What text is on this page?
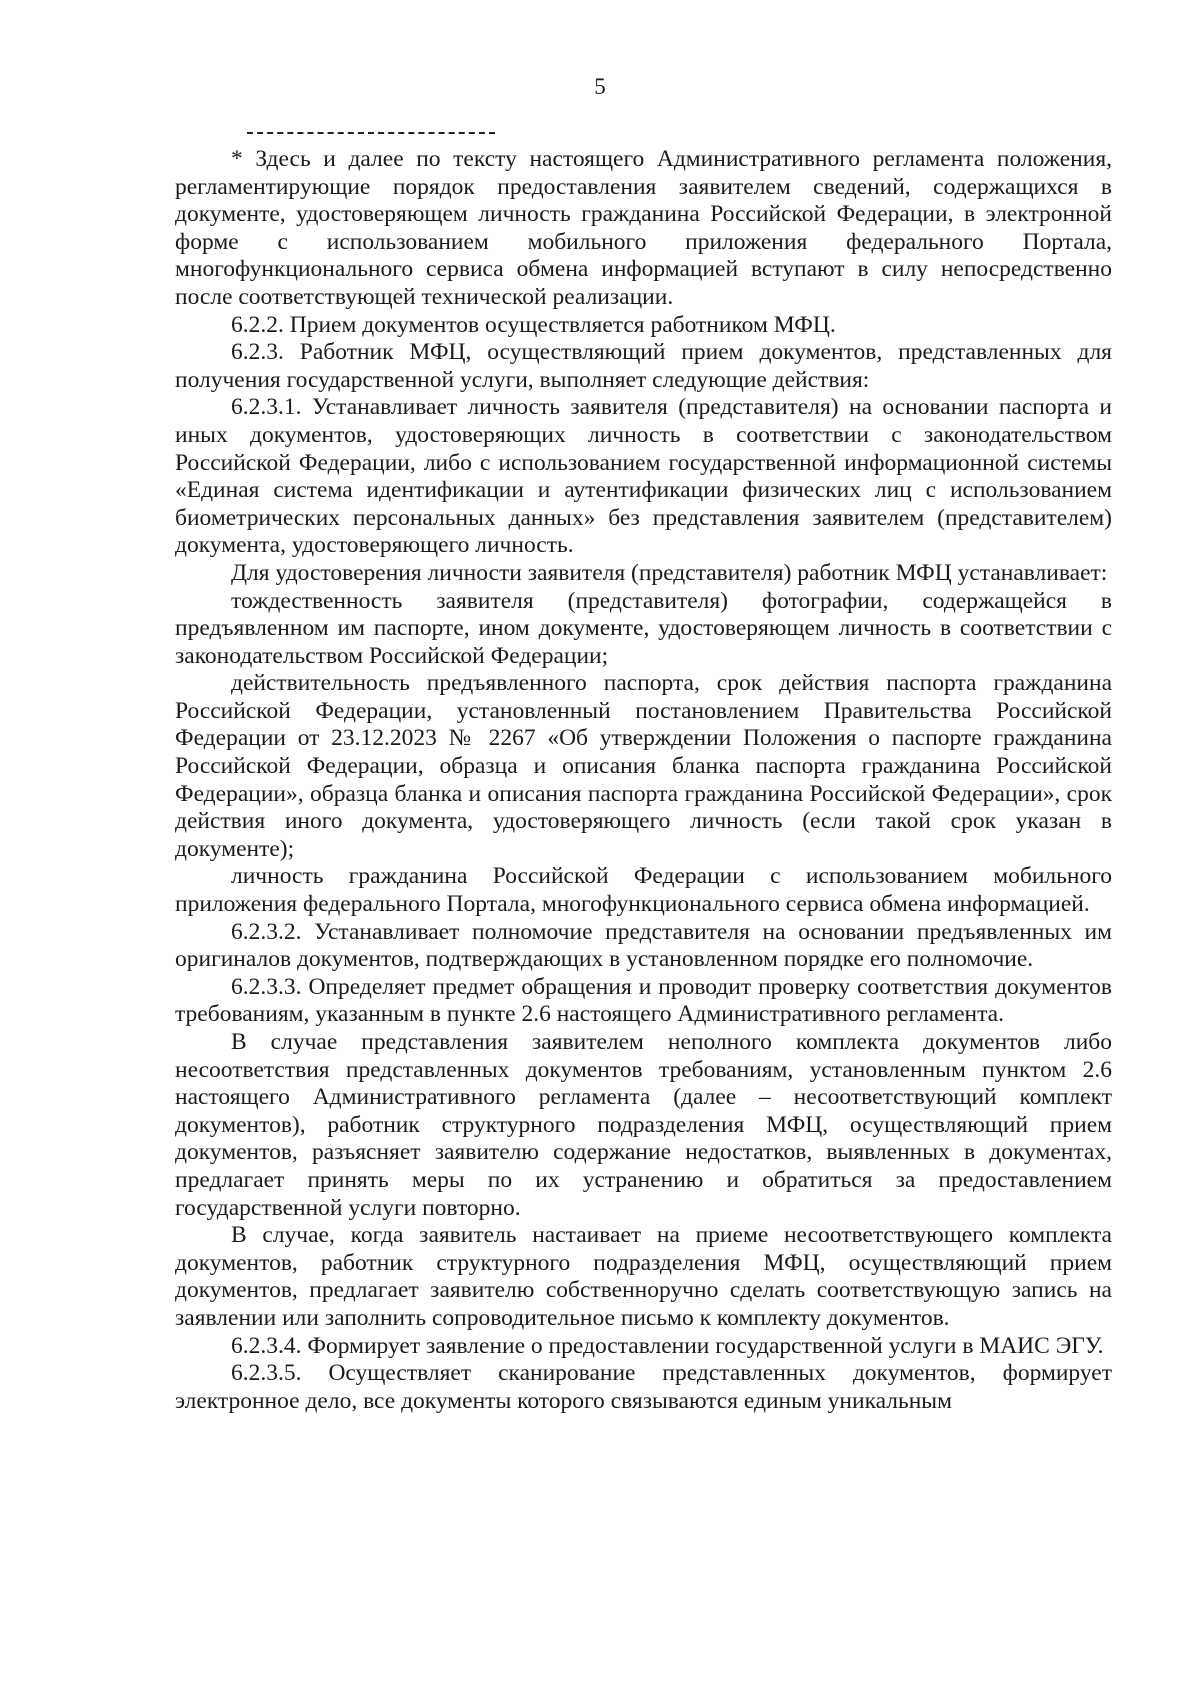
5

* Здесь и далее по тексту настоящего Административного регламента положения, регламентирующие порядок предоставления заявителем сведений, содержащихся в документе, удостоверяющем личность гражданина Российской Федерации, в электронной форме с использованием мобильного приложения федерального Портала, многофункционального сервиса обмена информацией вступают в силу непосредственно после соответствующей технической реализации.

6.2.2. Прием документов осуществляется работником МФЦ.

6.2.3. Работник МФЦ, осуществляющий прием документов, представленных для получения государственной услуги, выполняет следующие действия:

6.2.3.1. Устанавливает личность заявителя (представителя) на основании паспорта и иных документов, удостоверяющих личность в соответствии с законодательством Российской Федерации, либо с использованием государственной информационной системы «Единая система идентификации и аутентификации физических лиц с использованием биометрических персональных данных» без представления заявителем (представителем) документа, удостоверяющего личность.

Для удостоверения личности заявителя (представителя) работник МФЦ устанавливает:

тождественность заявителя (представителя) фотографии, содержащейся в предъявленном им паспорте, ином документе, удостоверяющем личность в соответствии с законодательством Российской Федерации;

действительность предъявленного паспорта, срок действия паспорта гражданина Российской Федерации, установленный постановлением Правительства Российской Федерации от 23.12.2023 № 2267 «Об утверждении Положения о паспорте гражданина Российской Федерации, образца и описания бланка паспорта гражданина Российской Федерации», образца бланка и описания паспорта гражданина Российской Федерации», срок действия иного документа, удостоверяющего личность (если такой срок указан в документе);

личность гражданина Российской Федерации с использованием мобильного приложения федерального Портала, многофункционального сервиса обмена информацией.

6.2.3.2. Устанавливает полномочие представителя на основании предъявленных им оригиналов документов, подтверждающих в установленном порядке его полномочие.

6.2.3.3. Определяет предмет обращения и проводит проверку соответствия документов требованиям, указанным в пункте 2.6 настоящего Административного регламента.

В случае представления заявителем неполного комплекта документов либо несоответствия представленных документов требованиям, установленным пунктом 2.6 настоящего Административного регламента (далее – несоответствующий комплект документов), работник структурного подразделения МФЦ, осуществляющий прием документов, разъясняет заявителю содержание недостатков, выявленных в документах, предлагает принять меры по их устранению и обратиться за предоставлением государственной услуги повторно.

В случае, когда заявитель настаивает на приеме несоответствующего комплекта документов, работник структурного подразделения МФЦ, осуществляющий прием документов, предлагает заявителю собственноручно сделать соответствующую запись на заявлении или заполнить сопроводительное письмо к комплекту документов.

6.2.3.4. Формирует заявление о предоставлении государственной услуги в МАИС ЭГУ.

6.2.3.5. Осуществляет сканирование представленных документов, формирует электронное дело, все документы которого связываются единым уникальным
